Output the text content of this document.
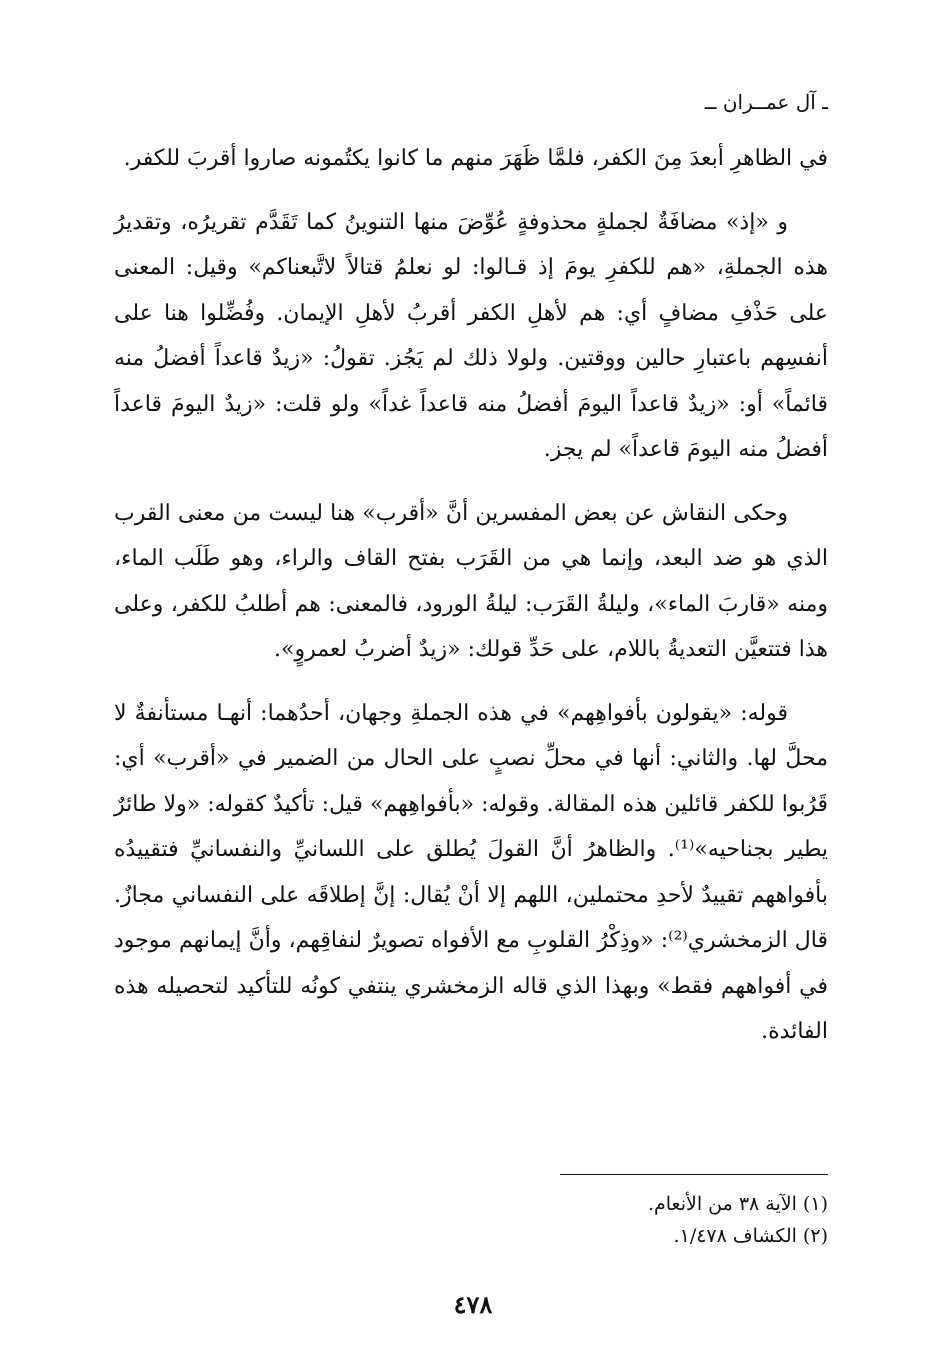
ـ آل عمــران ــ

في الظاهرِ أبعدَ مِنَ الكفر، فلمَّا ظَهَرَ منهم ما كانوا يكتُمونه صاروا أقربَ للكفر.

و «إذ» مضافَةٌ لجملةٍ محذوفةٍ عُوِّضَ منها التنوينُ كما تَقَدَّم تقريرُه، وتقديرُ هذه الجملةِ، «هم للكفرِ يومَ إذ قـالوا: لو نعلمُ قتالاً لاتَّبعناكم» وقيل: المعنى على حَذْفِ مضافٍ أي: هم لأهلِ الكفر أقربُ لأهلِ الإيمان. وفُضِّلوا هنا على أنفسِهم باعتبارِ حالين ووقتين. ولولا ذلك لم يَجُز. تقولُ: «زيدٌ قاعداً أفضلُ منه قائماً» أو: «زيدٌ قاعداً اليومَ أفضلُ منه قاعداً غداً» ولو قلت: «زيدٌ اليومَ قاعداً أفضلُ منه اليومَ قاعداً» لم يجز.

وحكى النقاش عن بعض المفسرين أنَّ «أقرب» هنا ليست من معنى القرب الذي هو ضد البعد، وإنما هي من القَرَب بفتح القاف والراء، وهو طَلَب الماء، ومنه «قاربَ الماء»، وليلةُ القَرَب: ليلةُ الورود، فالمعنى: هم أطلبُ للكفر، وعلى هذا فتتعيَّن التعديةُ باللام، على حَدِّ قولك: «زيدٌ أضربُ لعمروٍ».

قوله: «يقولون بأفواهِهم» في هذه الجملةِ وجهان، أحدُهما: أنهـا مستأنفةٌ لا محلَّ لها. والثاني: أنها في محلِّ نصبٍ على الحال من الضمير في «أقرب» أي: قَرُبوا للكفر قائلين هذه المقالة. وقوله: «بأفواهِهم» قيل: تأكيدٌ كقوله: «ولا طائرٌ يطير بجناحيه»⁽¹⁾. والظاهرُ أنَّ القولَ يُطلق على اللسانيِّ والنفسانيِّ فتقييدُه بأفواههم تقييدٌ لأحدِ محتملين، اللهم إلا أنْ يُقال: إنَّ إطلاقَه على النفساني مجازٌ. قال الزمخشري⁽²⁾: «وذِكْرُ القلوبِ مع الأفواه تصويرٌ لنفاقِهم، وأنَّ إيمانهم موجود في أفواههم فقط» وبهذا الذي قاله الزمخشري ينتفي كونُه للتأكيد لتحصيله هذه الفائدة.

(١) الآية ٣٨ من الأنعام.
(٢) الكشاف ١/٤٧٨.
٤٧٨
